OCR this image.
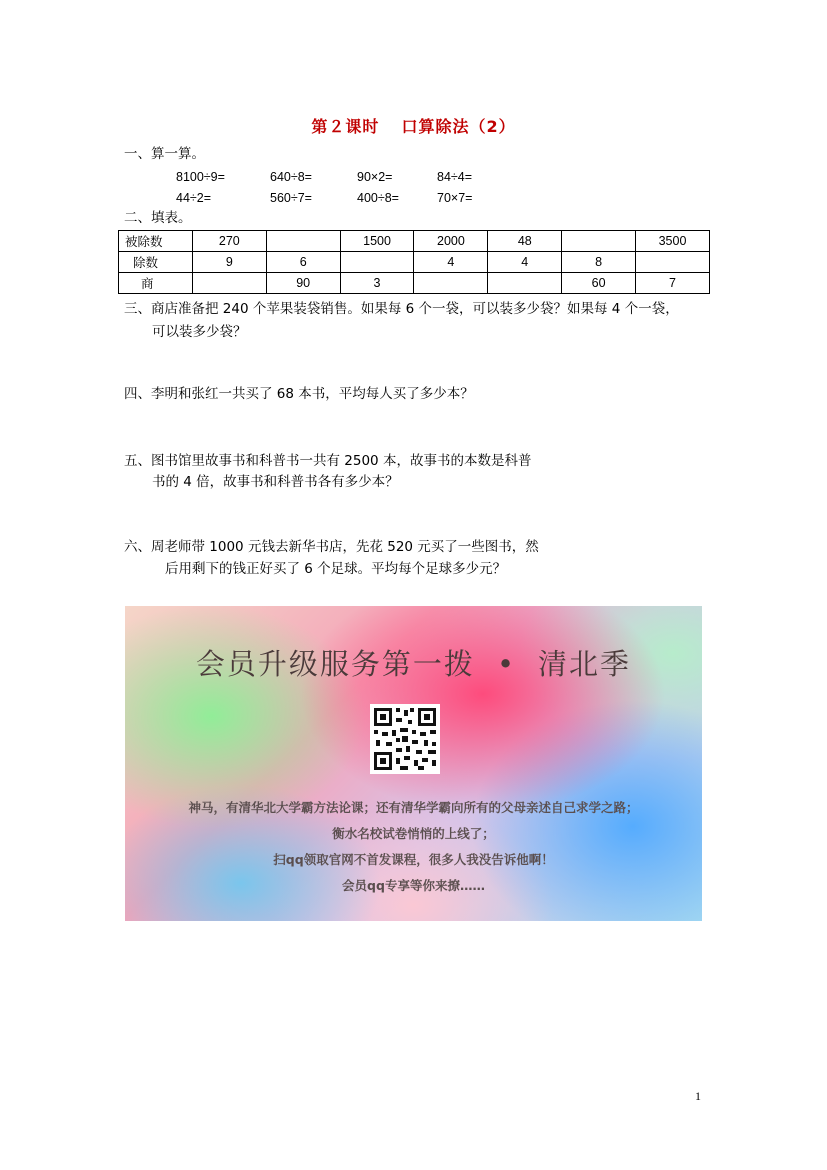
第２课时 口算除法（2）
一、算一算。
8100÷9=	640÷8=	90×2=	84÷4=
44÷2=	560÷7=	400÷8=	70×7=
二、填表。
被除数	270		1500	2000	48		3500
除数	9	6		4	4	8	
商		90	3			60	7
三、商店准备把 240 个苹果装袋销售。如果每 6 个一袋，可以装多少袋？如果每 4 个一袋，
可以装多少袋？
四、李明和张红一共买了 68 本书，平均每人买了多少本？
五、图书馆里故事书和科普书一共有 2500 本，故事书的本数是科普
书的 4 倍，故事书和科普书各有多少本？
六、周老师带 1000 元钱去新华书店，先花 520 元买了一些图书，然
后用剩下的钱正好买了 6 个足球。平均每个足球多少元？
会员升级服务第一拨 • 清北季
神马，有清华北大学霸方法论课；还有清华学霸向所有的父母亲述自己求学之路；
衡水名校试卷悄悄的上线了；
扫qq领取官网不首发课程，很多人我没告诉他啊！
会员qq专享等你来撩……
1
